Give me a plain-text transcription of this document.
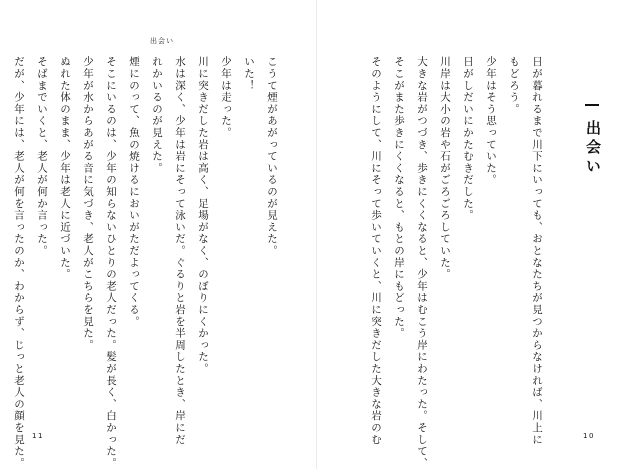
出会い
こうて煙があがっているのが見えた。
いた！
少年は走った。
川に突きだした岩は高く、足場がなく、のぼりにくかった。
水は深く、少年は岩にそって泳いだ。ぐるりと岩を半周したとき、岸にだ
れかいるのが見えた。
煙にのって、魚の焼けるにおいがただよってくる。
そこにいるのは、少年の知らないひとりの老人だった。髪が長く、白かった。
少年が水からあがる音に気づき、老人がこちらを見た。
ぬれた体のまま、少年は老人に近づいた。
そばまでいくと、老人が何か言った。
だが、少年には、老人が何を言ったのか、わからず、じっと老人の顔を見た。	11
出会い
日が暮れるまで川下にいっても、おとなたちが見つからなければ、川上に
もどろう。
少年はそう思っていた。
日がしだいにかたむきだした。
川岸は大小の岩や石がごろごろしていた。
大きな岩がつづき、歩きにくくなると、少年はむこう岸にわたった。そして、
そこがまた歩きにくくなると、もとの岸にもどった。
そのようにして、川にそって歩いていくと、川に突きだした大きな岩のむ	10
